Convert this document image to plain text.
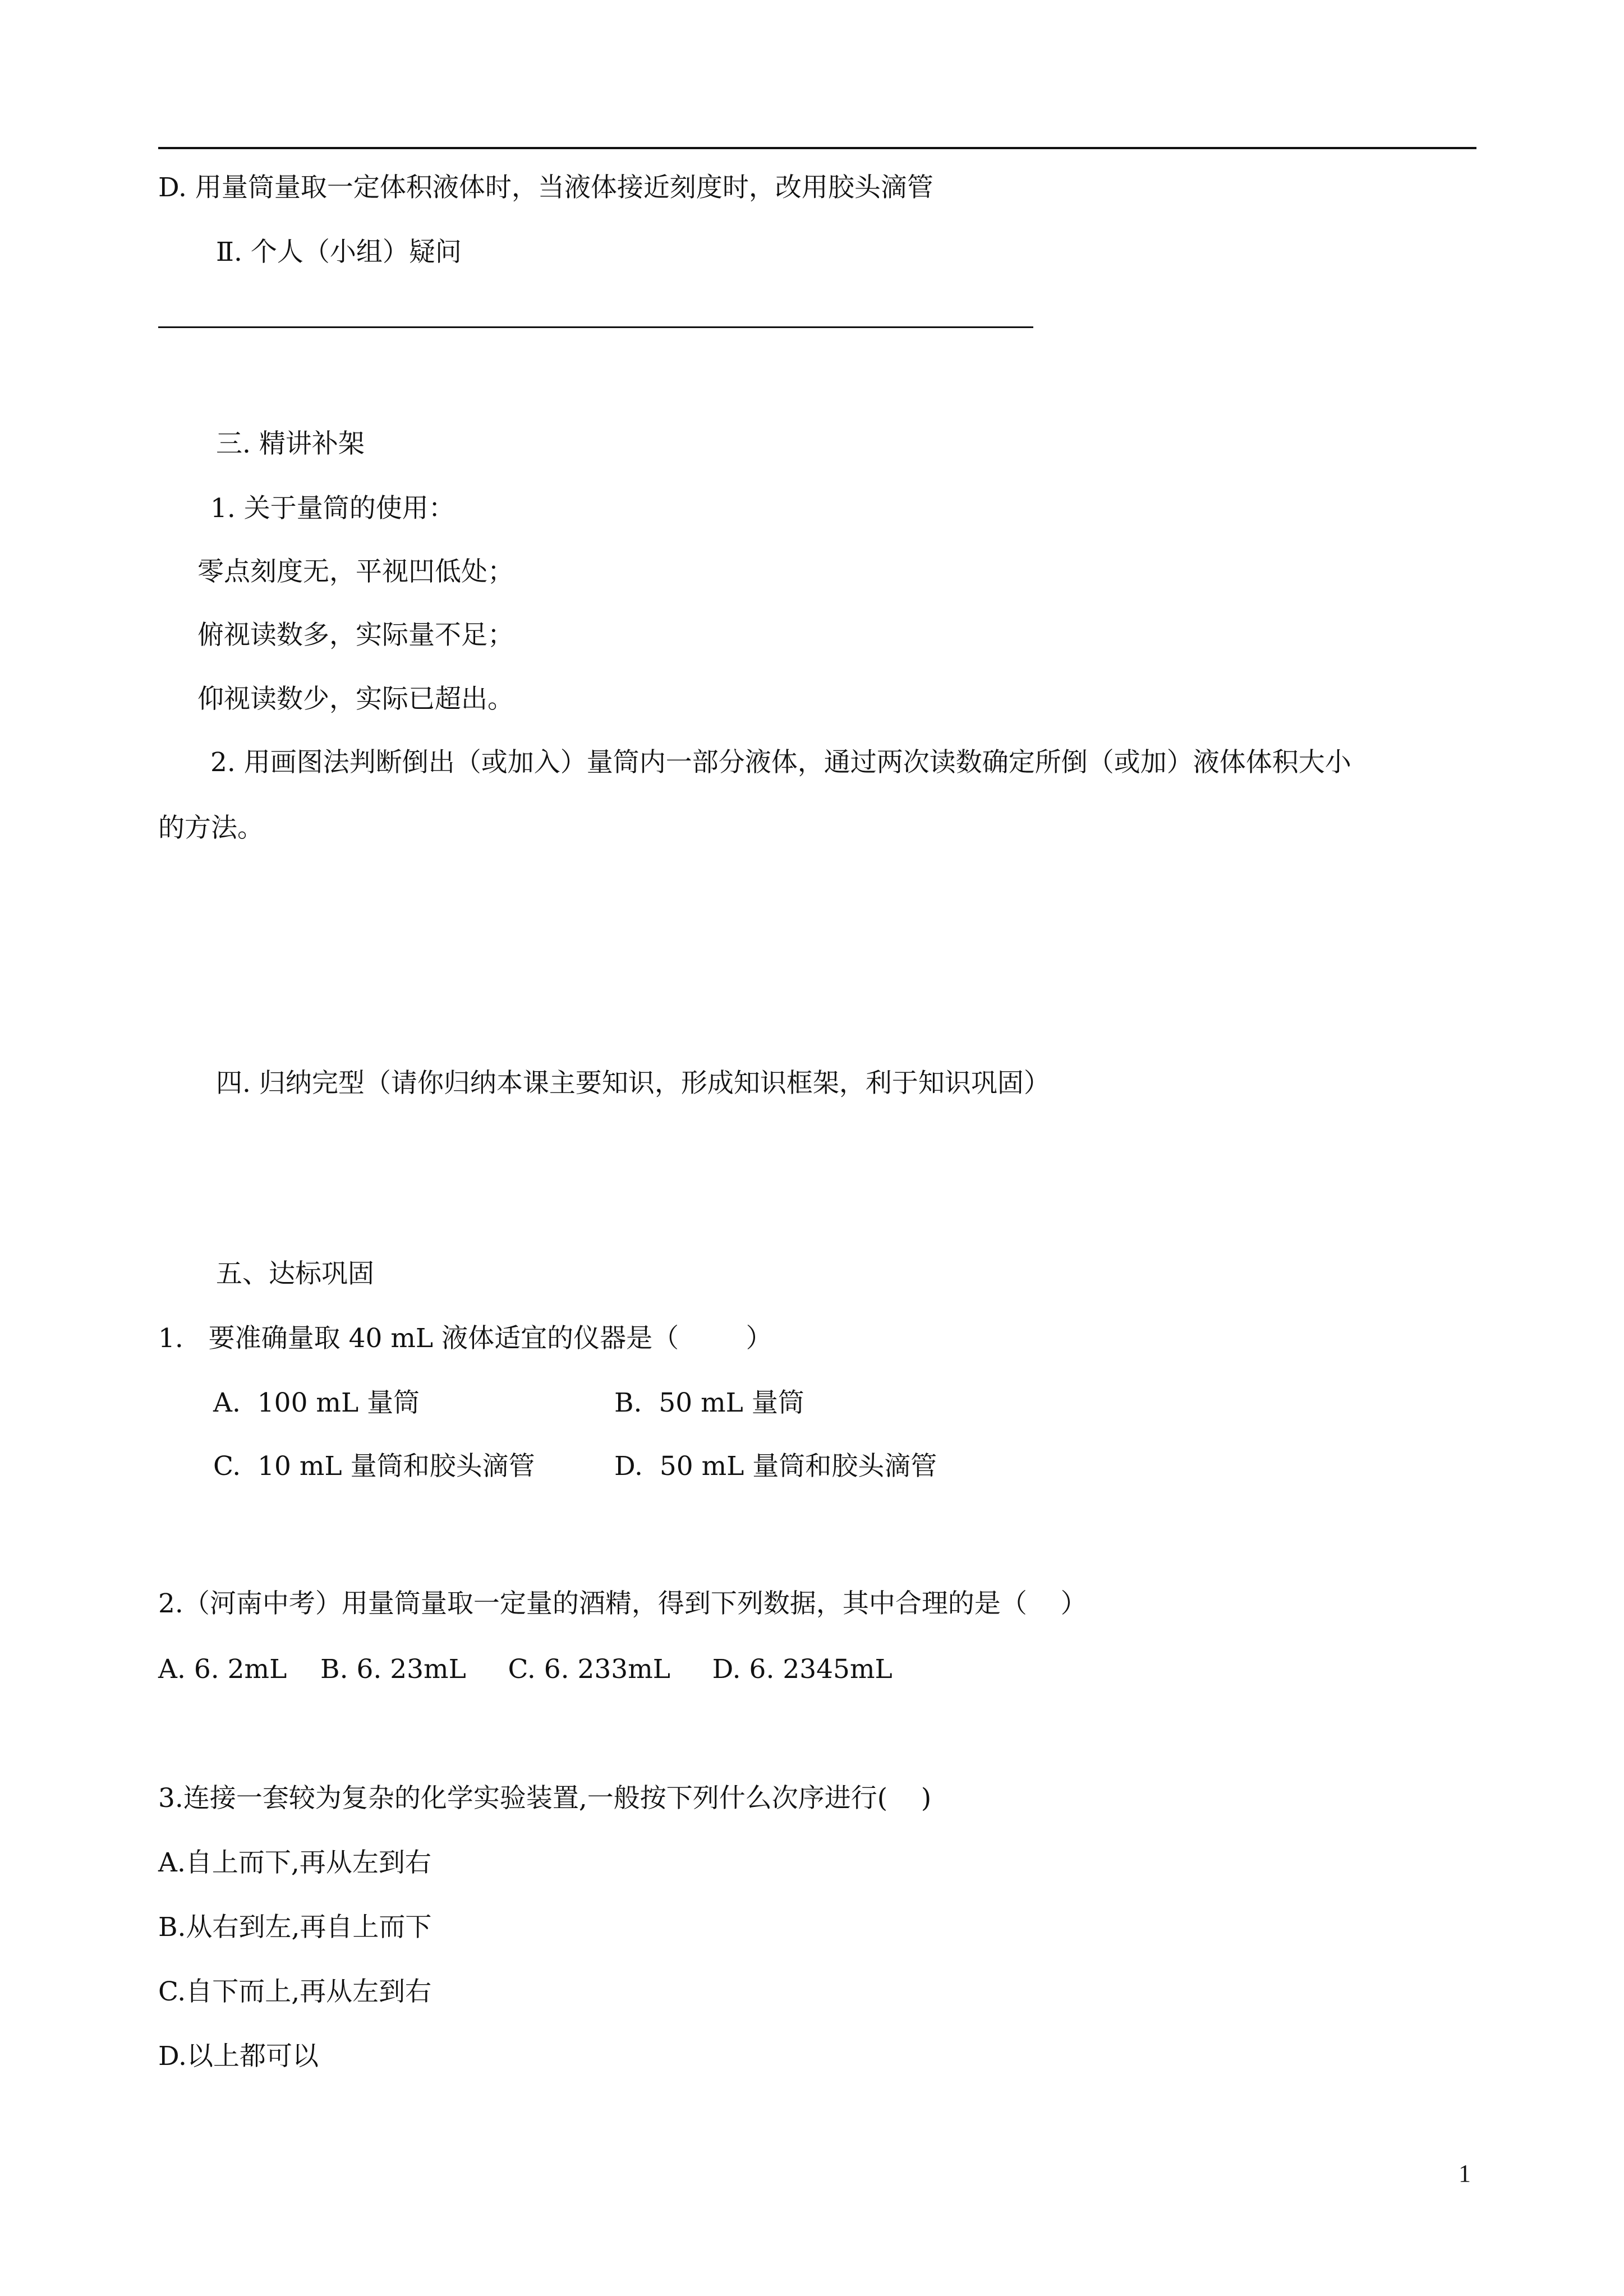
D. 用量筒量取一定体积液体时，当液体接近刻度时，改用胶头滴管
Ⅱ. 个人（小组）疑问
三. 精讲补架
1. 关于量筒的使用：
零点刻度无，平视凹低处；
俯视读数多，实际量不足；
仰视读数少，实际已超出。
2. 用画图法判断倒出（或加入）量筒内一部分液体，通过两次读数确定所倒（或加）液体体积大小
的方法。
四. 归纳完型（请你归纳本课主要知识，形成知识框架，利于知识巩固）
五、达标巩固
1.   要准确量取 40 mL 液体适宜的仪器是（        ）
A.  100 mL 量筒	B.  50 mL 量筒
C.  10 mL 量筒和胶头滴管	D.  50 mL 量筒和胶头滴管
2.（河南中考）用量筒量取一定量的酒精，得到下列数据，其中合理的是（    ）
A. 6. 2mL    B. 6. 23mL     C. 6. 233mL     D. 6. 2345mL
3.连接一套较为复杂的化学实验装置,一般按下列什么次序进行(    )
A.自上而下,再从左到右
B.从右到左,再自上而下
C.自下而上,再从左到右
D.以上都可以
1
